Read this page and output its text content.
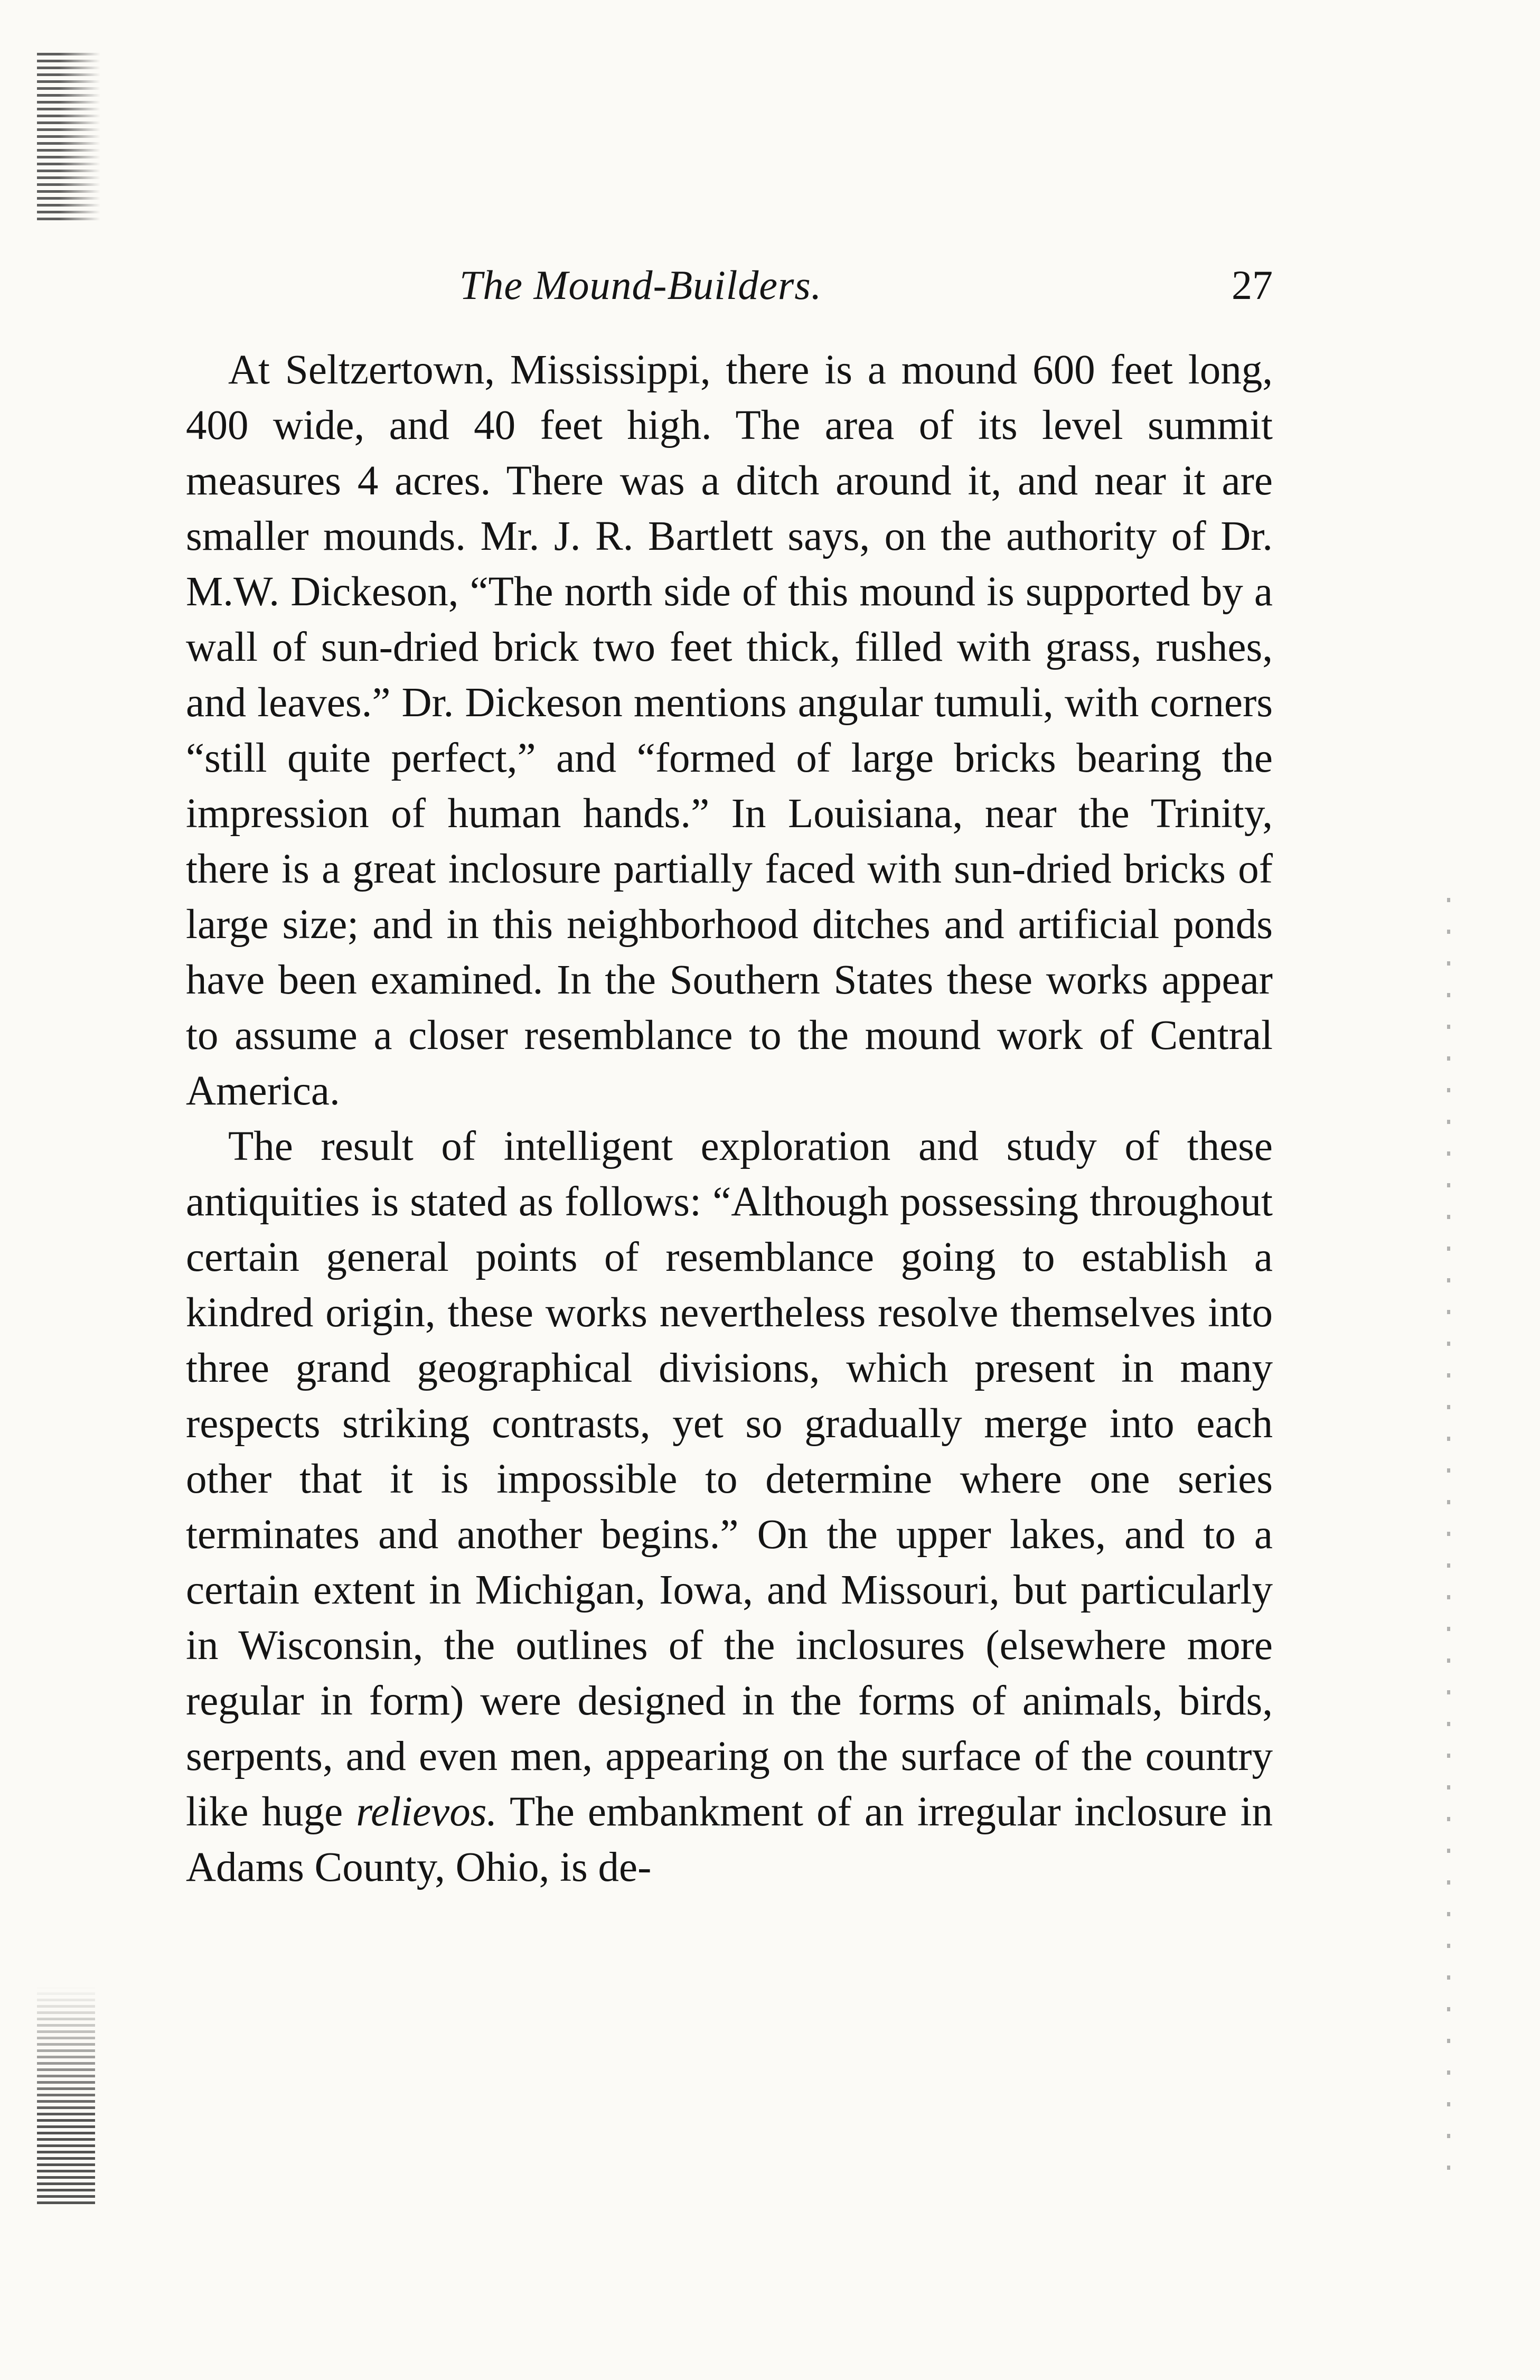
The Mound-Builders.	27

At Seltzertown, Mississippi, there is a mound 600 feet long, 400 wide, and 40 feet high. The area of its level summit measures 4 acres. There was a ditch around it, and near it are smaller mounds. Mr. J. R. Bartlett says, on the authority of Dr. M.W. Dickeson, “The north side of this mound is supported by a wall of sun-dried brick two feet thick, filled with grass, rushes, and leaves.” Dr. Dickeson mentions angular tumuli, with corners “still quite perfect,” and “formed of large bricks bearing the impression of human hands.” In Louisiana, near the Trinity, there is a great inclosure partially faced with sun-dried bricks of large size; and in this neighborhood ditches and artificial ponds have been examined. In the Southern States these works appear to assume a closer resemblance to the mound work of Central America.

The result of intelligent exploration and study of these antiquities is stated as follows: “Although possessing throughout certain general points of resemblance going to establish a kindred origin, these works nevertheless resolve themselves into three grand geographical divisions, which present in many respects striking contrasts, yet so gradually merge into each other that it is impossible to determine where one series terminates and another begins.” On the upper lakes, and to a certain extent in Michigan, Iowa, and Missouri, but particularly in Wisconsin, the outlines of the inclosures (elsewhere more regular in form) were designed in the forms of animals, birds, serpents, and even men, appearing on the surface of the country like huge relievos. The embankment of an irregular inclosure in Adams County, Ohio, is de-
